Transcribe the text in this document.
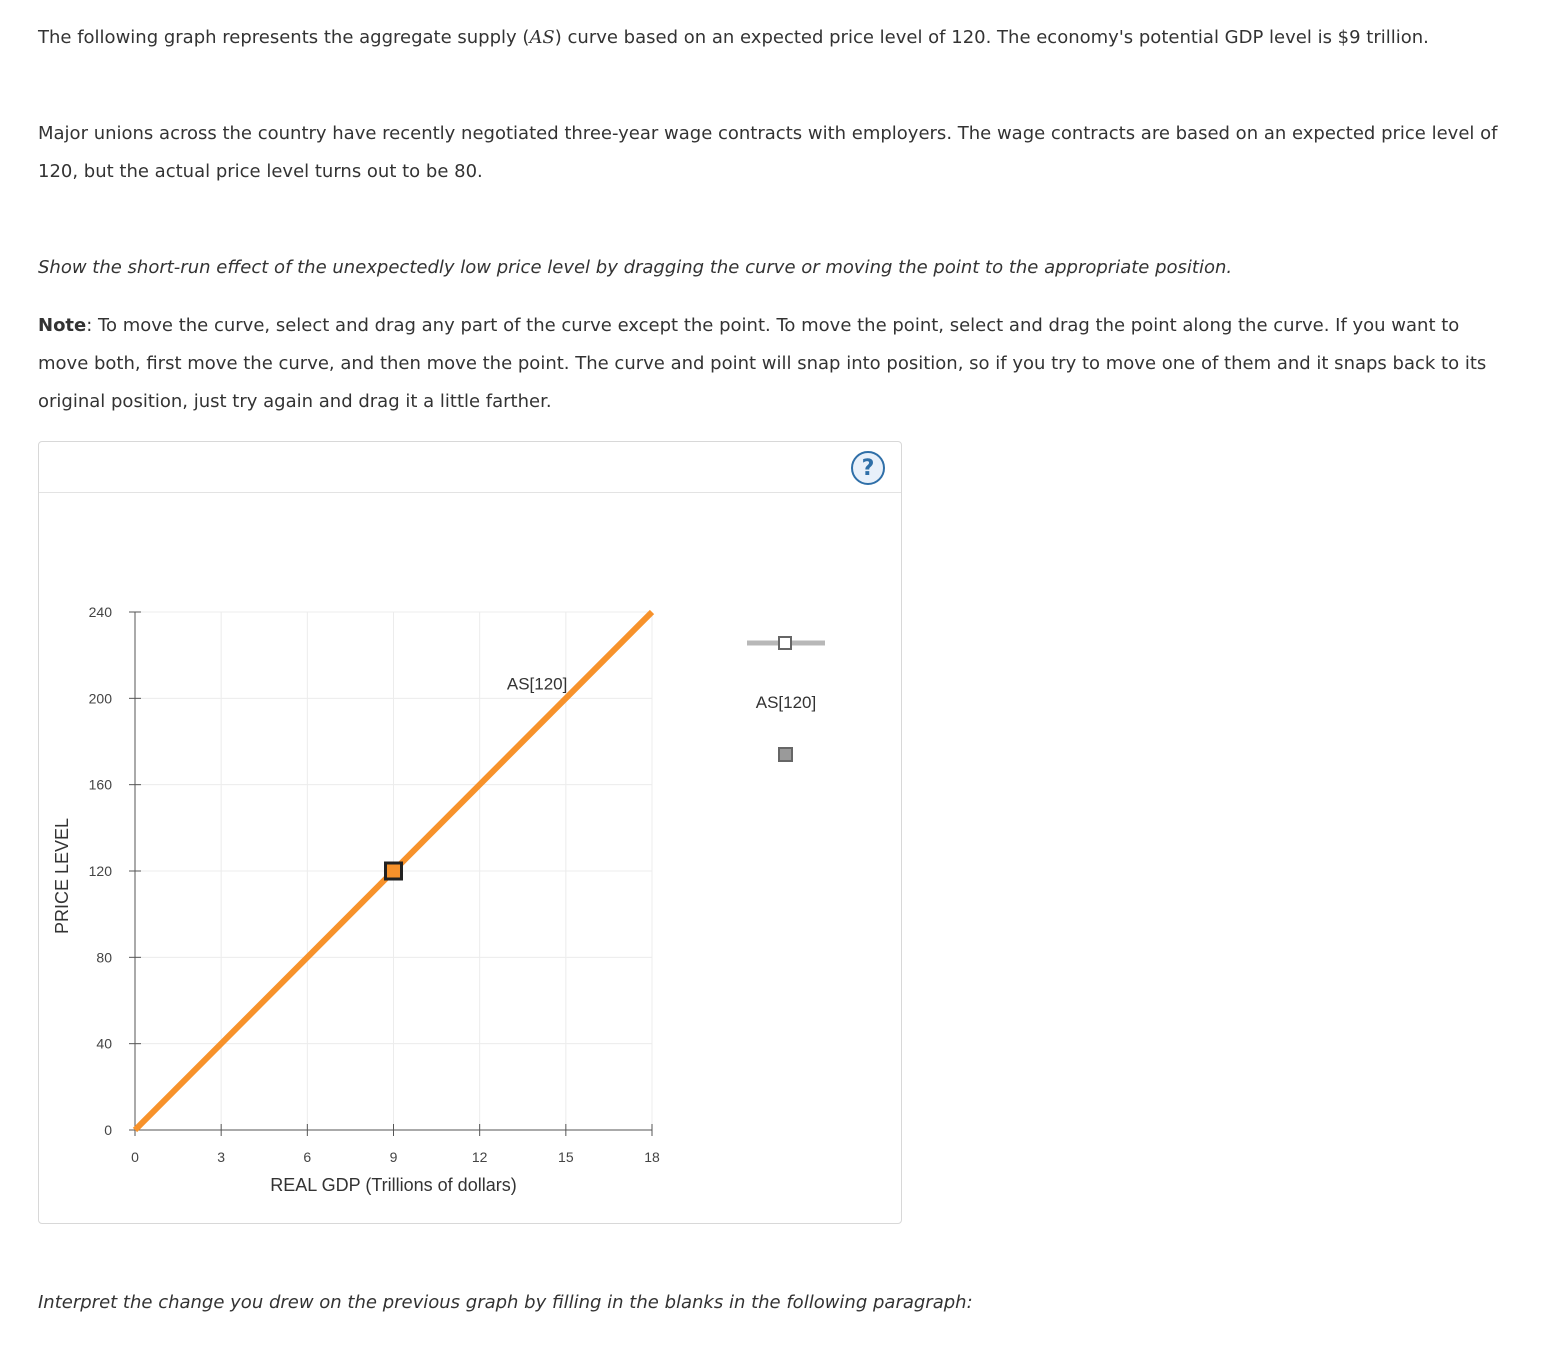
The following graph represents the aggregate supply (AS) curve based on an expected price level of 120. The economy's potential GDP level is $9 trillion.

Major unions across the country have recently negotiated three-year wage contracts with employers. The wage contracts are based on an expected price level of 120, but the actual price level turns out to be 80.

Show the short-run effect of the unexpectedly low price level by dragging the curve or moving the point to the appropriate position.

Note: To move the curve, select and drag any part of the curve except the point. To move the point, select and drag the point along the curve. If you want to move both, first move the curve, and then move the point. The curve and point will snap into position, so if you try to move one of them and it snaps back to its original position, just try again and drag it a little farther.

?
0
40
80
120
160
200
240
0	3	6	9	12	15	18
REAL GDP (Trillions of dollars)
PRICE LEVEL
AS[120]
AS[120]

Interpret the change you drew on the previous graph by filling in the blanks in the following paragraph:
